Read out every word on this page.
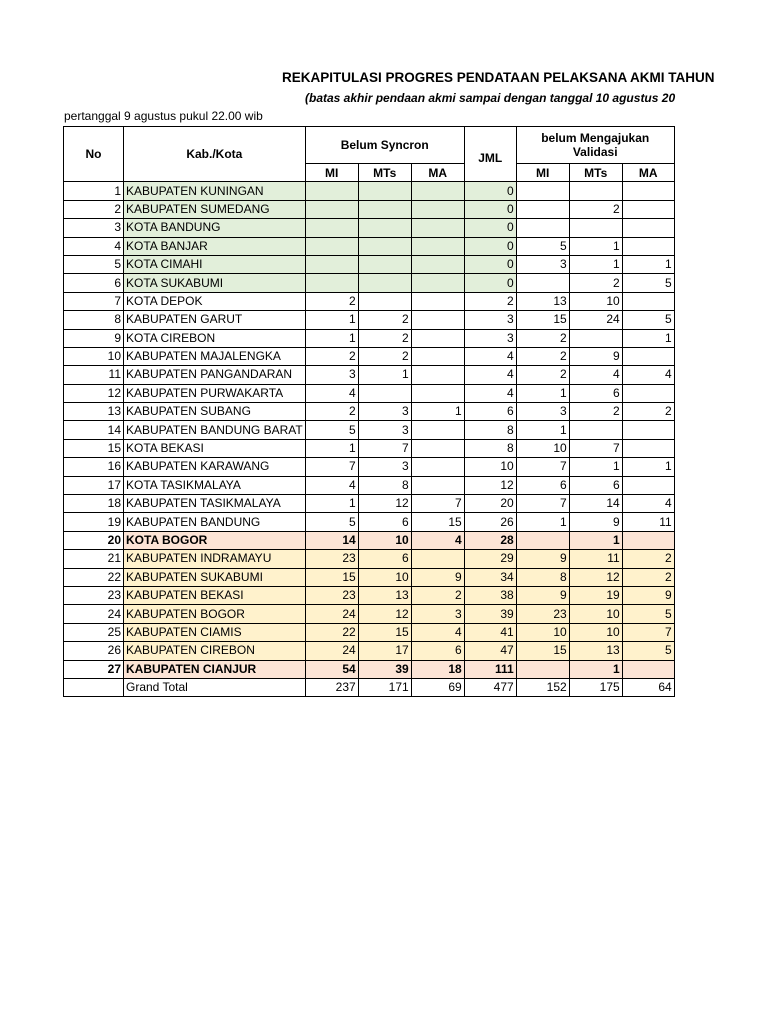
REKAPITULASI PROGRES PENDATAAN PELAKSANA AKMI TAHUN
(batas akhir pendaan akmi sampai dengan tanggal 10 agustus 20
pertanggal 9 agustus pukul 22.00 wib
No	Kab./Kota	Belum Syncron			JML	belum Mengajukan
Validasi		

		MI	MTs	MA		MI	MTs	MA
1	KABUPATEN KUNINGAN				0			
2	KABUPATEN SUMEDANG				0		2	
3	KOTA BANDUNG				0			
4	KOTA BANJAR				0	5	1	
5	KOTA CIMAHI				0	3	1	1
6	KOTA SUKABUMI				0		2	5
7	KOTA DEPOK	2			2	13	10	
8	KABUPATEN GARUT	1	2		3	15	24	5
9	KOTA CIREBON	1	2		3	2		1
10	KABUPATEN MAJALENGKA	2	2		4	2	9	
11	KABUPATEN PANGANDARAN	3	1		4	2	4	4
12	KABUPATEN PURWAKARTA	4			4	1	6	
13	KABUPATEN SUBANG	2	3	1	6	3	2	2
14	KABUPATEN BANDUNG BARAT	5	3		8	1		
15	KOTA BEKASI	1	7		8	10	7	
16	KABUPATEN KARAWANG	7	3		10	7	1	1
17	KOTA TASIKMALAYA	4	8		12	6	6	
18	KABUPATEN TASIKMALAYA	1	12	7	20	7	14	4
19	KABUPATEN BANDUNG	5	6	15	26	1	9	11
20	KOTA BOGOR	14	10	4	28		1	
21	KABUPATEN INDRAMAYU	23	6		29	9	11	2
22	KABUPATEN SUKABUMI	15	10	9	34	8	12	2
23	KABUPATEN BEKASI	23	13	2	38	9	19	9
24	KABUPATEN BOGOR	24	12	3	39	23	10	5
25	KABUPATEN CIAMIS	22	15	4	41	10	10	7
26	KABUPATEN CIREBON	24	17	6	47	15	13	5
27	KABUPATEN CIANJUR	54	39	18	111		1	
	Grand Total	237	171	69	477	152	175	64
